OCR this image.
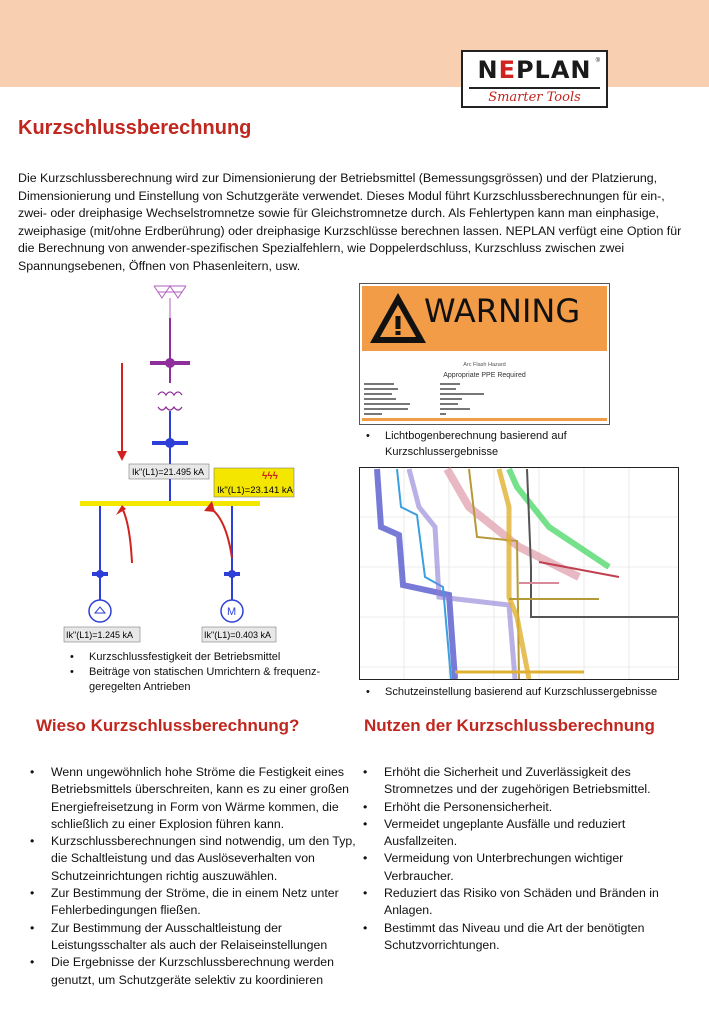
NEPLAN ®
Smarter Tools
Kurzschlussberechnung

Die Kurzschlussberechnung wird zur Dimensionierung der Betriebsmittel (Bemessungsgrössen) und der Platzierung, Dimensionierung und Einstellung von Schutzgeräte verwendet. Dieses Modul führt Kurzschlussberechnungen für ein-, zwei- oder dreiphasige Wechselstromnetze sowie für Gleichstromnetze durch. Als Fehlertypen kann man einphasige, zweiphasige (mit/ohne Erdberührung) oder dreiphasige Kurzschlüsse berechnen lassen. NEPLAN verfügt eine Option für die Berechnung von anwender-spezifischen Spezialfehlern, wie Doppelerdschluss, Kurzschluss zwischen zwei Spannungsebenen, Öffnen von Phasenleitern, usw.

Ik"(L1)=21.495 kA	ϟϟϟ
Ik"(L1)=23.141 kA
M
Ik"(L1)=1.245 kA	Ik"(L1)=0.403 kA
• Kurzschlussfestigkeit der Betriebsmittel
• Beiträge von statischen Umrichtern & frequenz-geregelten Antrieben
WARNING
Arc Flash Hazard
Appropriate PPE Required
• Lichtbogenberechnung basierend auf Kurzschlussergebnisse
• Schutzeinstellung basierend auf Kurzschlussergebnisse
Wieso Kurzschlussberechnung?
• Wenn ungewöhnlich hohe Ströme die Festigkeit eines Betriebsmittels überschreiten, kann es zu einer großen Energiefreisetzung in Form von Wärme kommen, die schließlich zu einer Explosion führen kann.
• Kurzschlussberechnungen sind notwendig, um den Typ, die Schaltleistung und das Auslöseverhalten von Schutzeinrichtungen richtig auszuwählen.
• Zur Bestimmung der Ströme, die in einem Netz unter Fehlerbedingungen fließen.
• Zur Bestimmung der Ausschaltleistung der Leistungsschalter als auch der Relaiseinstellungen
• Die Ergebnisse der Kurzschlussberechnung werden genutzt, um Schutzgeräte selektiv zu koordinieren
Nutzen der Kurzschlussberechnung
• Erhöht die Sicherheit und Zuverlässigkeit des Stromnetzes und der zugehörigen Betriebsmittel.
• Erhöht die Personensicherheit.
• Vermeidet ungeplante Ausfälle und reduziert Ausfallzeiten.
• Vermeidung von Unterbrechungen wichtiger Verbraucher.
• Reduziert das Risiko von Schäden und Bränden in Anlagen.
• Bestimmt das Niveau und die Art der benötigten Schutzvorrichtungen.
